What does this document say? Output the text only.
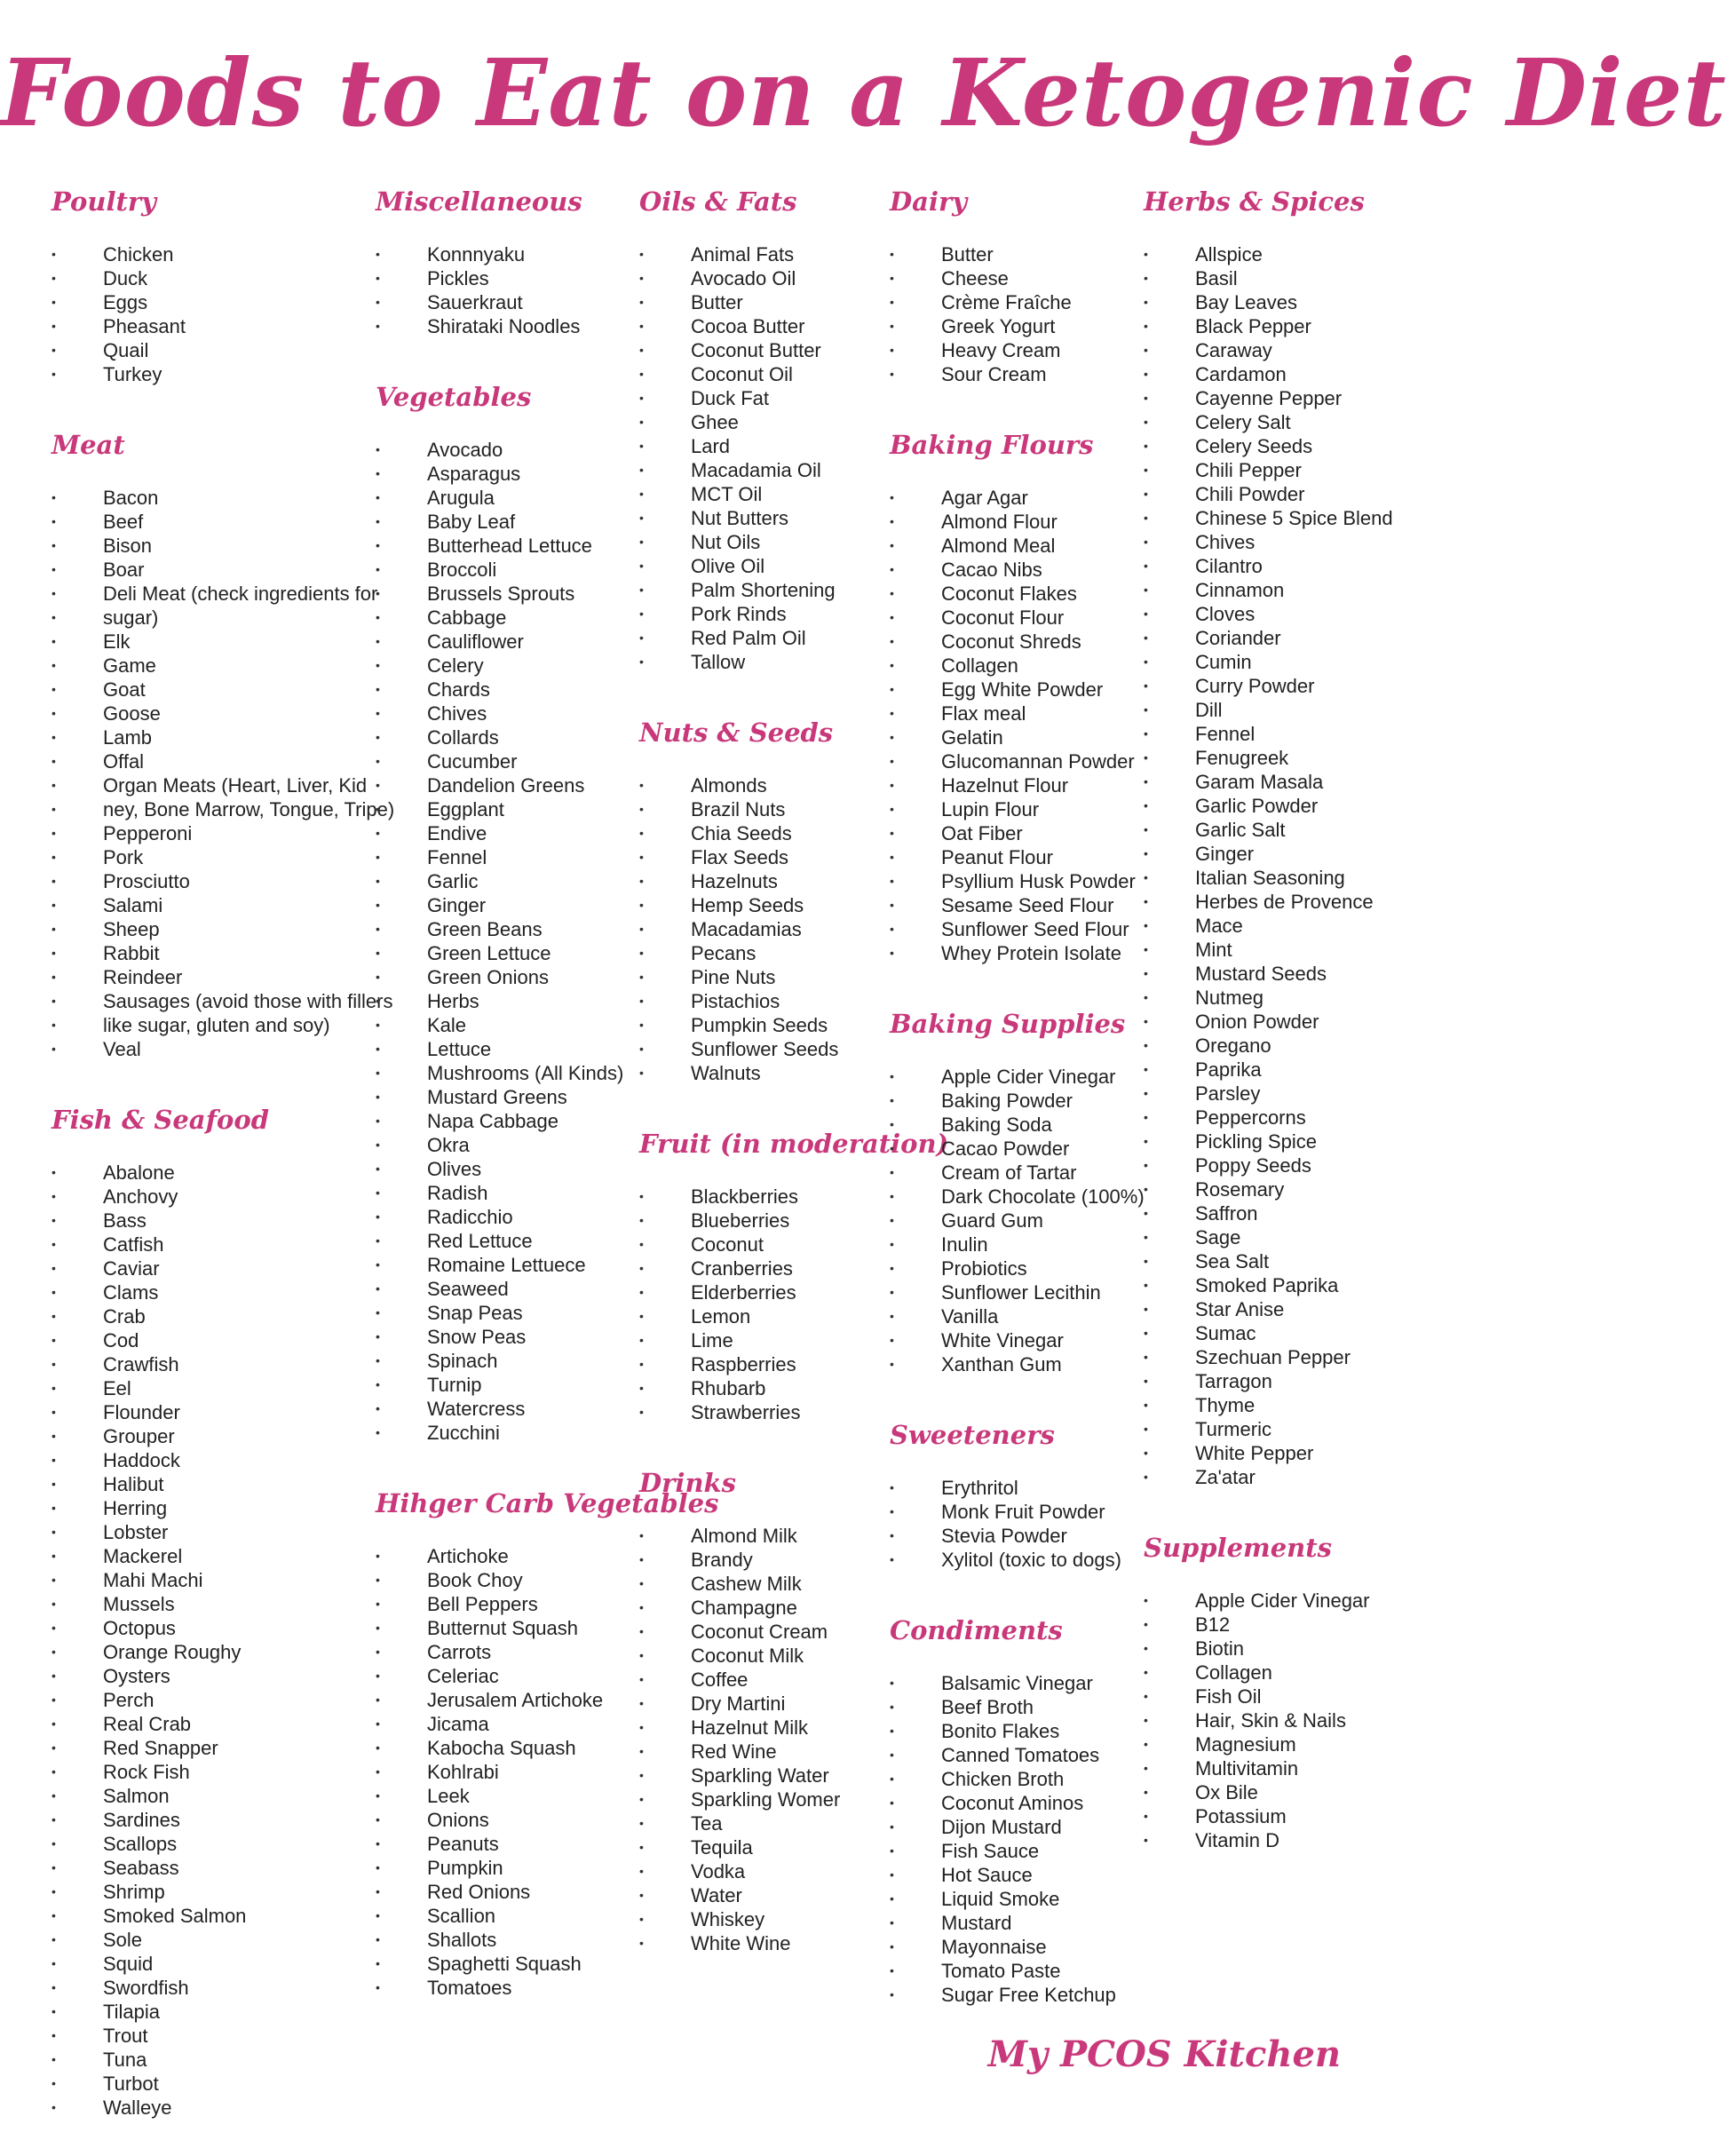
Foods to Eat on a Ketogenic Diet
Poultry
• Chicken
• Duck
• Eggs
• Pheasant
• Quail
• Turkey
Meat
• Bacon
• Beef
• Bison
• Boar
• Deli Meat (check ingredients for
• sugar)
• Elk
• Game
• Goat
• Goose
• Lamb
• Offal
• Organ Meats (Heart, Liver, Kid
• ney, Bone Marrow, Tongue, Tripe)
• Pepperoni
• Pork
• Prosciutto
• Salami
• Sheep
• Rabbit
• Reindeer
• Sausages (avoid those with fillers
• like sugar, gluten and soy)
• Veal
Fish & Seafood
• Abalone
• Anchovy
• Bass
• Catfish
• Caviar
• Clams
• Crab
• Cod
• Crawfish
• Eel
• Flounder
• Grouper
• Haddock
• Halibut
• Herring
• Lobster
• Mackerel
• Mahi Machi
• Mussels
• Octopus
• Orange Roughy
• Oysters
• Perch
• Real Crab
• Red Snapper
• Rock Fish
• Salmon
• Sardines
• Scallops
• Seabass
• Shrimp
• Smoked Salmon
• Sole
• Squid
• Swordfish
• Tilapia
• Trout
• Tuna
• Turbot
• Walleye
Miscellaneous
• Konnnyaku
• Pickles
• Sauerkraut
• Shirataki Noodles
Vegetables
• Avocado
• Asparagus
• Arugula
• Baby Leaf
• Butterhead Lettuce
• Broccoli
• Brussels Sprouts
• Cabbage
• Cauliflower
• Celery
• Chards
• Chives
• Collards
• Cucumber
• Dandelion Greens
• Eggplant
• Endive
• Fennel
• Garlic
• Ginger
• Green Beans
• Green Lettuce
• Green Onions
• Herbs
• Kale
• Lettuce
• Mushrooms (All Kinds)
• Mustard Greens
• Napa Cabbage
• Okra
• Olives
• Radish
• Radicchio
• Red Lettuce
• Romaine Lettuece
• Seaweed
• Snap Peas
• Snow Peas
• Spinach
• Turnip
• Watercress
• Zucchini
Hihger Carb Vegetables
• Artichoke
• Book Choy
• Bell Peppers
• Butternut Squash
• Carrots
• Celeriac
• Jerusalem Artichoke
• Jicama
• Kabocha Squash
• Kohlrabi
• Leek
• Onions
• Peanuts
• Pumpkin
• Red Onions
• Scallion
• Shallots
• Spaghetti Squash
• Tomatoes
Oils & Fats
• Animal Fats
• Avocado Oil
• Butter
• Cocoa Butter
• Coconut Butter
• Coconut Oil
• Duck Fat
• Ghee
• Lard
• Macadamia Oil
• MCT Oil
• Nut Butters
• Nut Oils
• Olive Oil
• Palm Shortening
• Pork Rinds
• Red Palm Oil
• Tallow
Nuts & Seeds
• Almonds
• Brazil Nuts
• Chia Seeds
• Flax Seeds
• Hazelnuts
• Hemp Seeds
• Macadamias
• Pecans
• Pine Nuts
• Pistachios
• Pumpkin Seeds
• Sunflower Seeds
• Walnuts
Fruit (in moderation)
• Blackberries
• Blueberries
• Coconut
• Cranberries
• Elderberries
• Lemon
• Lime
• Raspberries
• Rhubarb
• Strawberries
Drinks
• Almond Milk
• Brandy
• Cashew Milk
• Champagne
• Coconut Cream
• Coconut Milk
• Coffee
• Dry Martini
• Hazelnut Milk
• Red Wine
• Sparkling Water
• Sparkling Womer
• Tea
• Tequila
• Vodka
• Water
• Whiskey
• White Wine
Dairy
• Butter
• Cheese
• Crème Fraîche
• Greek Yogurt
• Heavy Cream
• Sour Cream
Baking Flours
• Agar Agar
• Almond Flour
• Almond Meal
• Cacao Nibs
• Coconut Flakes
• Coconut Flour
• Coconut Shreds
• Collagen
• Egg White Powder
• Flax meal
• Gelatin
• Glucomannan Powder
• Hazelnut Flour
• Lupin Flour
• Oat Fiber
• Peanut Flour
• Psyllium Husk Powder
• Sesame Seed Flour
• Sunflower Seed Flour
• Whey Protein Isolate
Baking Supplies
• Apple Cider Vinegar
• Baking Powder
• Baking Soda
• Cacao Powder
• Cream of Tartar
• Dark Chocolate (100%)
• Guard Gum
• Inulin
• Probiotics
• Sunflower Lecithin
• Vanilla
• White Vinegar
• Xanthan Gum
Sweeteners
• Erythritol
• Monk Fruit Powder
• Stevia Powder
• Xylitol (toxic to dogs)
Condiments
• Balsamic Vinegar
• Beef Broth
• Bonito Flakes
• Canned Tomatoes
• Chicken Broth
• Coconut Aminos
• Dijon Mustard
• Fish Sauce
• Hot Sauce
• Liquid Smoke
• Mustard
• Mayonnaise
• Tomato Paste
• Sugar Free Ketchup
Herbs & Spices
• Allspice
• Basil
• Bay Leaves
• Black Pepper
• Caraway
• Cardamon
• Cayenne Pepper
• Celery Salt
• Celery Seeds
• Chili Pepper
• Chili Powder
• Chinese 5 Spice Blend
• Chives
• Cilantro
• Cinnamon
• Cloves
• Coriander
• Cumin
• Curry Powder
• Dill
• Fennel
• Fenugreek
• Garam Masala
• Garlic Powder
• Garlic Salt
• Ginger
• Italian Seasoning
• Herbes de Provence
• Mace
• Mint
• Mustard Seeds
• Nutmeg
• Onion Powder
• Oregano
• Paprika
• Parsley
• Peppercorns
• Pickling Spice
• Poppy Seeds
• Rosemary
• Saffron
• Sage
• Sea Salt
• Smoked Paprika
• Star Anise
• Sumac
• Szechuan Pepper
• Tarragon
• Thyme
• Turmeric
• White Pepper
• Za'atar
Supplements
• Apple Cider Vinegar
• B12
• Biotin
• Collagen
• Fish Oil
• Hair, Skin & Nails
• Magnesium
• Multivitamin
• Ox Bile
• Potassium
• Vitamin D
My PCOS Kitchen
